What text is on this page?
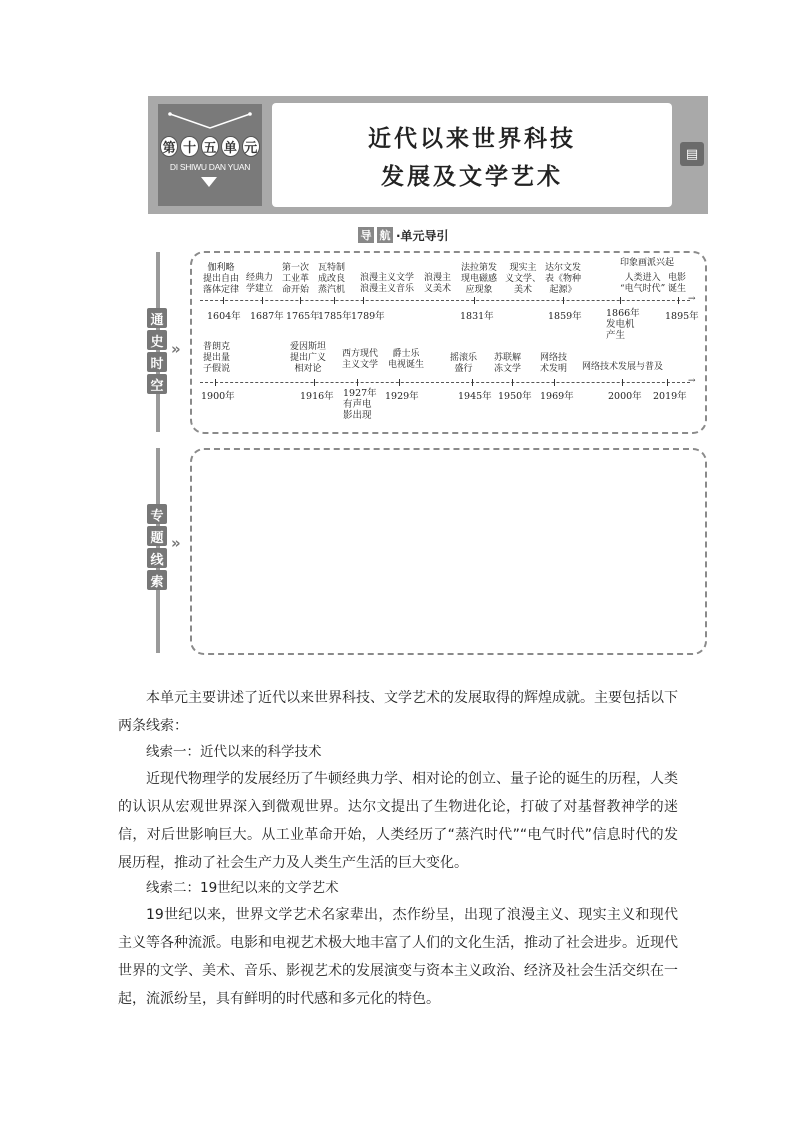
第 十 五 单 元
DI SHIWU DAN YUAN
近代以来世界科技
发展及文学艺术
▤
导 航 ·单元导引
通
史
时
空
»
专
题
线
索
»
→
伽利略
提出自由
落体定律
经典力
学建立
第一次
工业革
命开始
瓦特制
成改良
蒸汽机
浪漫主义文学
浪漫主义音乐
浪漫主
义美术
法拉第发
现电磁感
应现象
现实主
义文学、
美术
达尔文发
表《物种
起源》
印象画派兴起
人类进入
“电气时代”
电影
诞生
1604年 1687年 1765年
1785年 1789年	1831年	1859年	1866年
发电机
产生
1895年
→
普朗克
提出量
子假说
爱因斯坦
提出广义
相对论
西方现代
主义文学
爵士乐
电视诞生
摇滚乐
盛行
苏联解
冻文学
网络技
术发明 网络技术发展与普及
1900年	1916年 1927年
有声电
影出现
1929年	1945年 1950年 1969年	2000年 2019年
本单元主要讲述了近代以来世界科技、文学艺术的发展取得的辉煌成就。主要包括以下两条线索：
线索一：近代以来的科学技术
近现代物理学的发展经历了牛顿经典力学、相对论的创立、量子论的诞生的历程，人类的认识从宏观世界深入到微观世界。达尔文提出了生物进化论，打破了对基督教神学的迷信，对后世影响巨大。从工业革命开始，人类经历了“蒸汽时代”“电气时代”信息时代的发展历程，推动了社会生产力及人类生产生活的巨大变化。
线索二：19世纪以来的文学艺术
19世纪以来，世界文学艺术名家辈出，杰作纷呈，出现了浪漫主义、现实主义和现代主义等各种流派。电影和电视艺术极大地丰富了人们的文化生活，推动了社会进步。近现代世界的文学、美术、音乐、影视艺术的发展演变与资本主义政治、经济及社会生活交织在一起，流派纷呈，具有鲜明的时代感和多元化的特色。
